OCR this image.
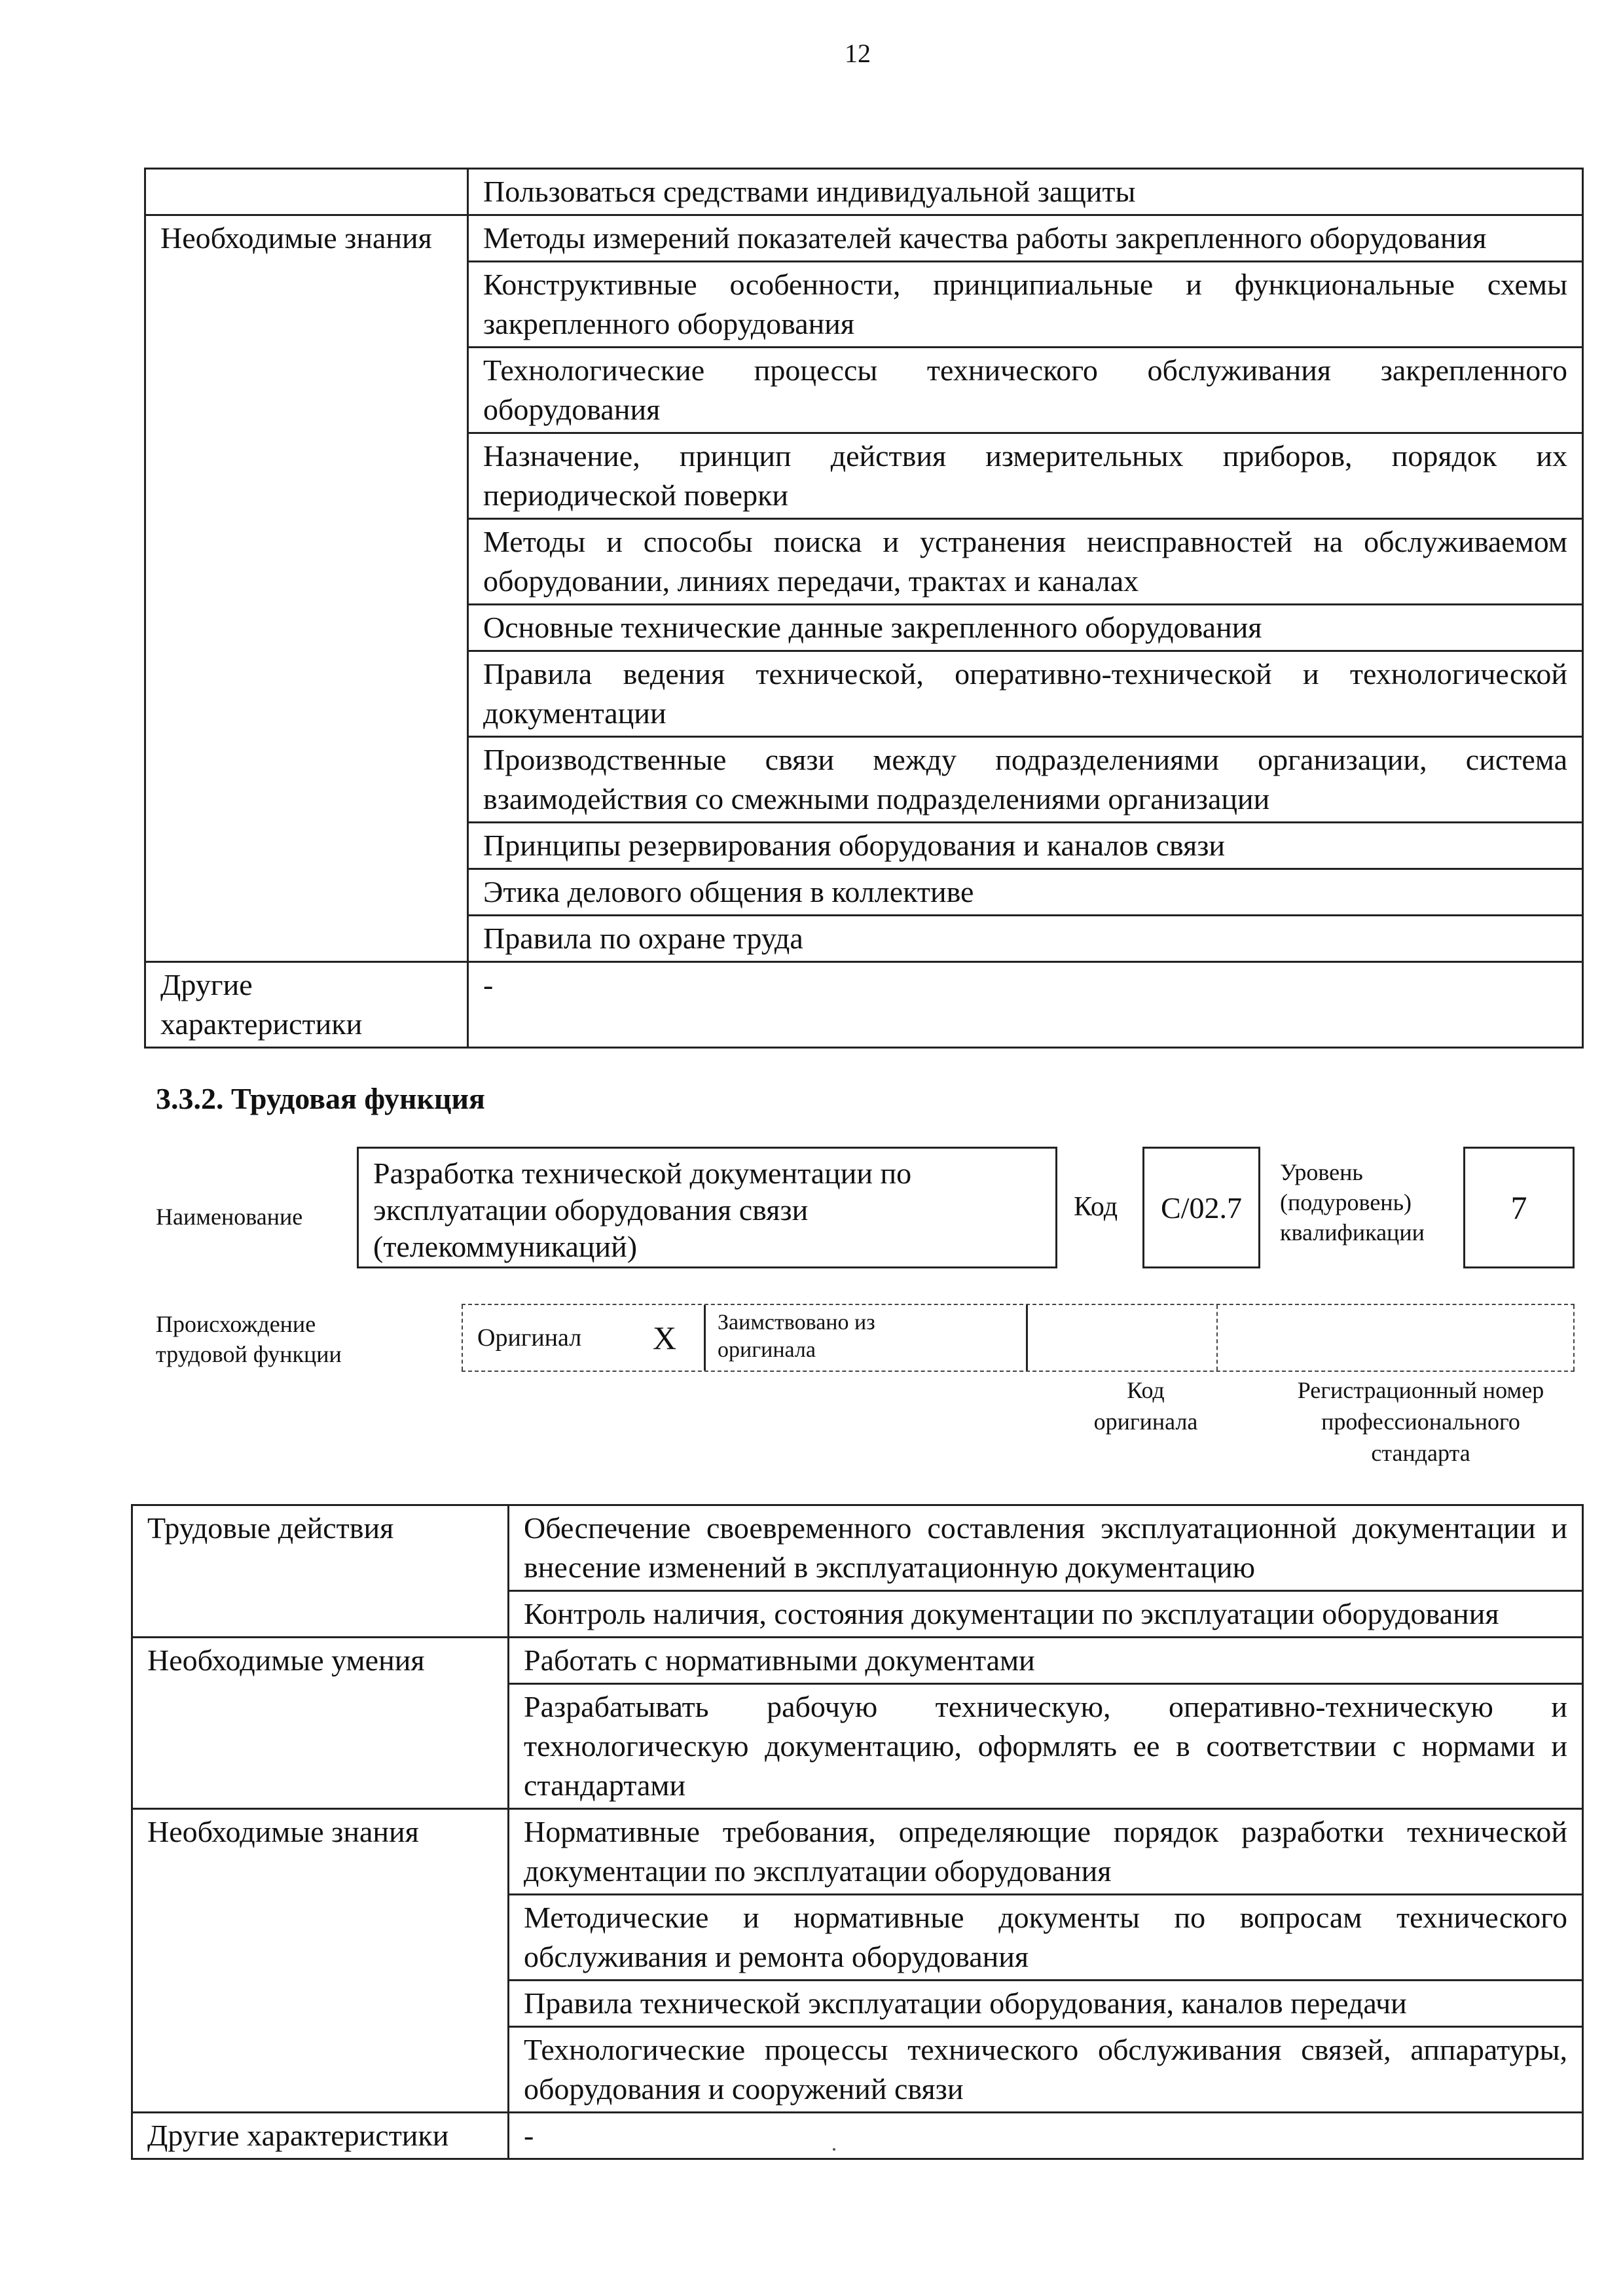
12
	Пользоваться средствами индивидуальной защиты
Необходимые знания	Методы измерений показателей качества работы закрепленного оборудования
	Конструктивные особенности, принципиальные и функциональные схемы закрепленного оборудования
	Технологические процессы технического обслуживания закрепленного оборудования
	Назначение, принцип действия измерительных приборов, порядок их периодической поверки
	Методы и способы поиска и устранения неисправностей на обслуживаемом оборудовании, линиях передачи, трактах и каналах
	Основные технические данные закрепленного оборудования
	Правила ведения технической, оперативно-технической и технологической документации
	Производственные связи между подразделениями организации, система взаимодействия со смежными подразделениями организации
	Принципы резервирования оборудования и каналов связи
	Этика делового общения в коллективе
	Правила по охране труда
Другие характеристики	-
3.3.2. Трудовая функция
Наименование
Разработка технической документации по эксплуатации оборудования связи (телекоммуникаций)
Код	С/02.7
Уровень
(подуровень)
квалификации
7
Происхождение
трудовой функции
Оригинал	X	Заимствовано из
оригинала
Код
оригинала
Регистрационный номер
профессионального
стандарта
Трудовые действия	Обеспечение своевременного составления эксплуатационной документации и внесение изменений в эксплуатационную документацию
	Контроль наличия, состояния документации по эксплуатации оборудования
Необходимые умения	Работать с нормативными документами
	Разрабатывать рабочую техническую, оперативно-техническую и технологическую документацию, оформлять ее в соответствии с нормами и стандартами
Необходимые знания	Нормативные требования, определяющие порядок разработки технической документации по эксплуатации оборудования
	Методические и нормативные документы по вопросам технического обслуживания и ремонта оборудования
	Правила технической эксплуатации оборудования, каналов передачи
	Технологические процессы технического обслуживания связей, аппаратуры, оборудования и сооружений связи
Другие характеристики	-
